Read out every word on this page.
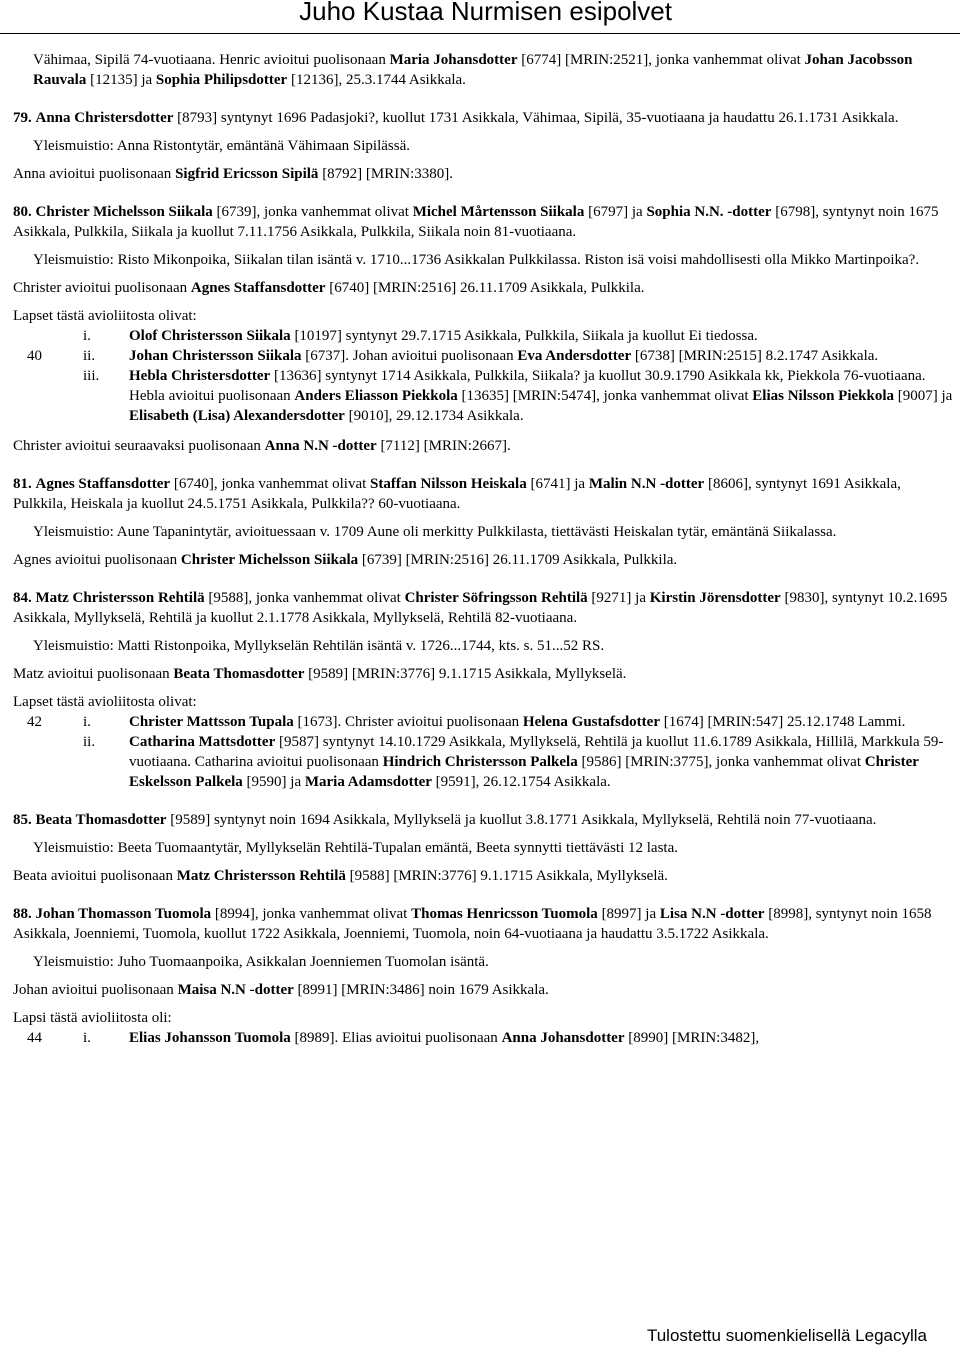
Juho Kustaa Nurmisen esipolvet

Vähimaa, Sipilä 74-vuotiaana. Henric avioitui puolisonaan Maria Johansdotter [6774] [MRIN:2521], jonka vanhemmat olivat Johan Jacobsson Rauvala [12135] ja Sophia Philipsdotter [12136], 25.3.1744 Asikkala.

79. Anna Christersdotter [8793] syntynyt 1696 Padasjoki?, kuollut 1731 Asikkala, Vähimaa, Sipilä, 35-vuotiaana ja haudattu 26.1.1731 Asikkala.

Yleismuistio: Anna Ristontytär, emäntänä Vähimaan Sipilässä.

Anna avioitui puolisonaan Sigfrid Ericsson Sipilä [8792] [MRIN:3380].

80. Christer Michelsson Siikala [6739], jonka vanhemmat olivat Michel Mårtensson Siikala [6797] ja Sophia N.N. -dotter [6798], syntynyt noin 1675 Asikkala, Pulkkila, Siikala ja kuollut 7.11.1756 Asikkala, Pulkkila, Siikala noin 81-vuotiaana.

Yleismuistio: Risto Mikonpoika, Siikalan tilan isäntä v. 1710...1736 Asikkalan Pulkkilassa. Riston isä voisi mahdollisesti olla Mikko Martinpoika?.

Christer avioitui puolisonaan Agnes Staffansdotter [6740] [MRIN:2516] 26.11.1709 Asikkala, Pulkkila.

Lapset tästä avioliitosta olivat:

i.	Olof Christersson Siikala [10197] syntynyt 29.7.1715 Asikkala, Pulkkila, Siikala ja kuollut Ei tiedossa.
40	ii. Johan Christersson Siikala [6737]. Johan avioitui puolisonaan Eva Andersdotter [6738] [MRIN:2515] 8.2.1747 Asikkala.
iii. Hebla Christersdotter [13636] syntynyt 1714 Asikkala, Pulkkila, Siikala? ja kuollut 30.9.1790 Asikkala kk, Piekkola 76-vuotiaana. Hebla avioitui puolisonaan Anders Eliasson Piekkola [13635] [MRIN:5474], jonka vanhemmat olivat Elias Nilsson Piekkola [9007] ja Elisabeth (Lisa) Alexandersdotter [9010], 29.12.1734 Asikkala.

Christer avioitui seuraavaksi puolisonaan Anna N.N -dotter [7112] [MRIN:2667].

81. Agnes Staffansdotter [6740], jonka vanhemmat olivat Staffan Nilsson Heiskala [6741] ja Malin N.N -dotter [8606], syntynyt 1691 Asikkala, Pulkkila, Heiskala ja kuollut 24.5.1751 Asikkala, Pulkkila?? 60-vuotiaana.

Yleismuistio: Aune Tapanintytär, avioituessaan v. 1709 Aune oli merkitty Pulkkilasta, tiettävästi Heiskalan tytär, emäntänä Siikalassa.

Agnes avioitui puolisonaan Christer Michelsson Siikala [6739] [MRIN:2516] 26.11.1709 Asikkala, Pulkkila.

84. Matz Christersson Rehtilä [9588], jonka vanhemmat olivat Christer Söfringsson Rehtilä [9271] ja Kirstin Jörensdotter [9830], syntynyt 10.2.1695 Asikkala, Myllykselä, Rehtilä ja kuollut 2.1.1778 Asikkala, Myllykselä, Rehtilä 82-vuotiaana.

Yleismuistio: Matti Ristonpoika, Myllykselän Rehtilän isäntä v. 1726...1744, kts. s. 51...52 RS.

Matz avioitui puolisonaan Beata Thomasdotter [9589] [MRIN:3776] 9.1.1715 Asikkala, Myllykselä.

Lapset tästä avioliitosta olivat:

42	i.	Christer Mattsson Tupala [1673]. Christer avioitui puolisonaan Helena Gustafsdotter [1674] [MRIN:547] 25.12.1748 Lammi.
ii. Catharina Mattsdotter [9587] syntynyt 14.10.1729 Asikkala, Myllykselä, Rehtilä ja kuollut 11.6.1789 Asikkala, Hillilä, Markkula 59-vuotiaana. Catharina avioitui puolisonaan Hindrich Christersson Palkela [9586] [MRIN:3775], jonka vanhemmat olivat Christer Eskelsson Palkela [9590] ja Maria Adamsdotter [9591], 26.12.1754 Asikkala.

85. Beata Thomasdotter [9589] syntynyt noin 1694 Asikkala, Myllykselä ja kuollut 3.8.1771 Asikkala, Myllykselä, Rehtilä noin 77-vuotiaana.

Yleismuistio: Beeta Tuomaantytär, Myllykselän Rehtilä-Tupalan emäntä, Beeta synnytti tiettävästi 12 lasta.

Beata avioitui puolisonaan Matz Christersson Rehtilä [9588] [MRIN:3776] 9.1.1715 Asikkala, Myllykselä.

88. Johan Thomasson Tuomola [8994], jonka vanhemmat olivat Thomas Henricsson Tuomola [8997] ja Lisa N.N -dotter [8998], syntynyt noin 1658 Asikkala, Joenniemi, Tuomola, kuollut 1722 Asikkala, Joenniemi, Tuomola, noin 64-vuotiaana ja haudattu 3.5.1722 Asikkala.

Yleismuistio: Juho Tuomaanpoika, Asikkalan Joenniemen Tuomolan isäntä.

Johan avioitui puolisonaan Maisa N.N -dotter [8991] [MRIN:3486] noin 1679 Asikkala.

Lapsi tästä avioliitosta oli:

44	i.	Elias Johansson Tuomola [8989]. Elias avioitui puolisonaan Anna Johansdotter [8990] [MRIN:3482],
Tulostettu suomenkielisellä Legacylla
